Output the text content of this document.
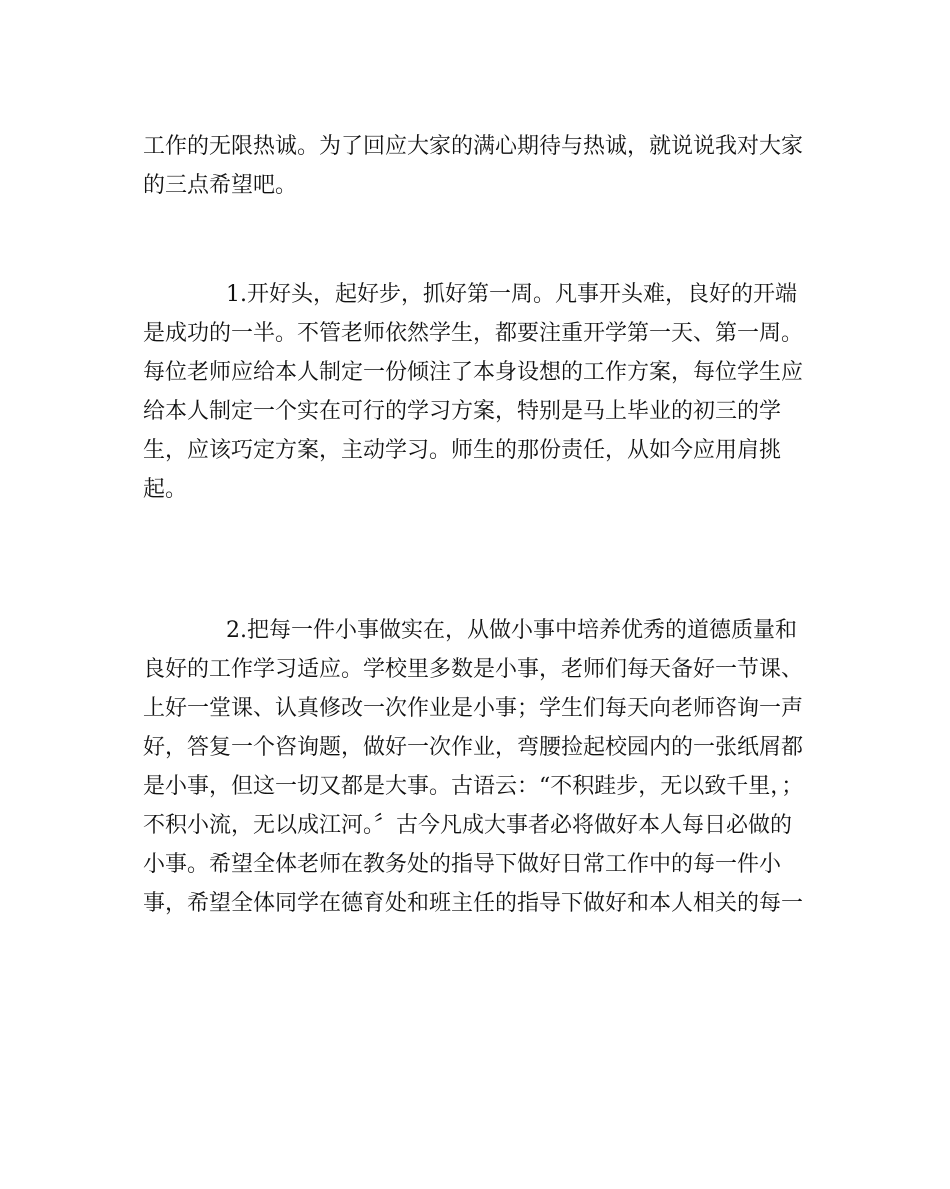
工作的无限热诚。为了回应大家的满心期待与热诚，就说说我对大家
的三点希望吧。
1.开好头，起好步，抓好第一周。凡事开头难，良好的开端
是成功的一半。不管老师依然学生，都要注重开学第一天、第一周。
每位老师应给本人制定一份倾注了本身设想的工作方案，每位学生应
给本人制定一个实在可行的学习方案，特别是马上毕业的初三的学
生，应该巧定方案，主动学习。师生的那份责任，从如今应用肩挑
起。
2.把每一件小事做实在，从做小事中培养优秀的道德质量和
良好的工作学习适应。学校里多数是小事，老师们每天备好一节课、
上好一堂课、认真修改一次作业是小事；学生们每天向老师咨询一声
好，答复一个咨询题，做好一次作业，弯腰捡起校园内的一张纸屑都
是小事，但这一切又都是大事。古语云：“不积跬步，无以致千里，；
不积小流，无以成江河。〞古今凡成大事者必将做好本人每日必做的
小事。希望全体老师在教务处的指导下做好日常工作中的每一件小
事，希望全体同学在德育处和班主任的指导下做好和本人相关的每一
